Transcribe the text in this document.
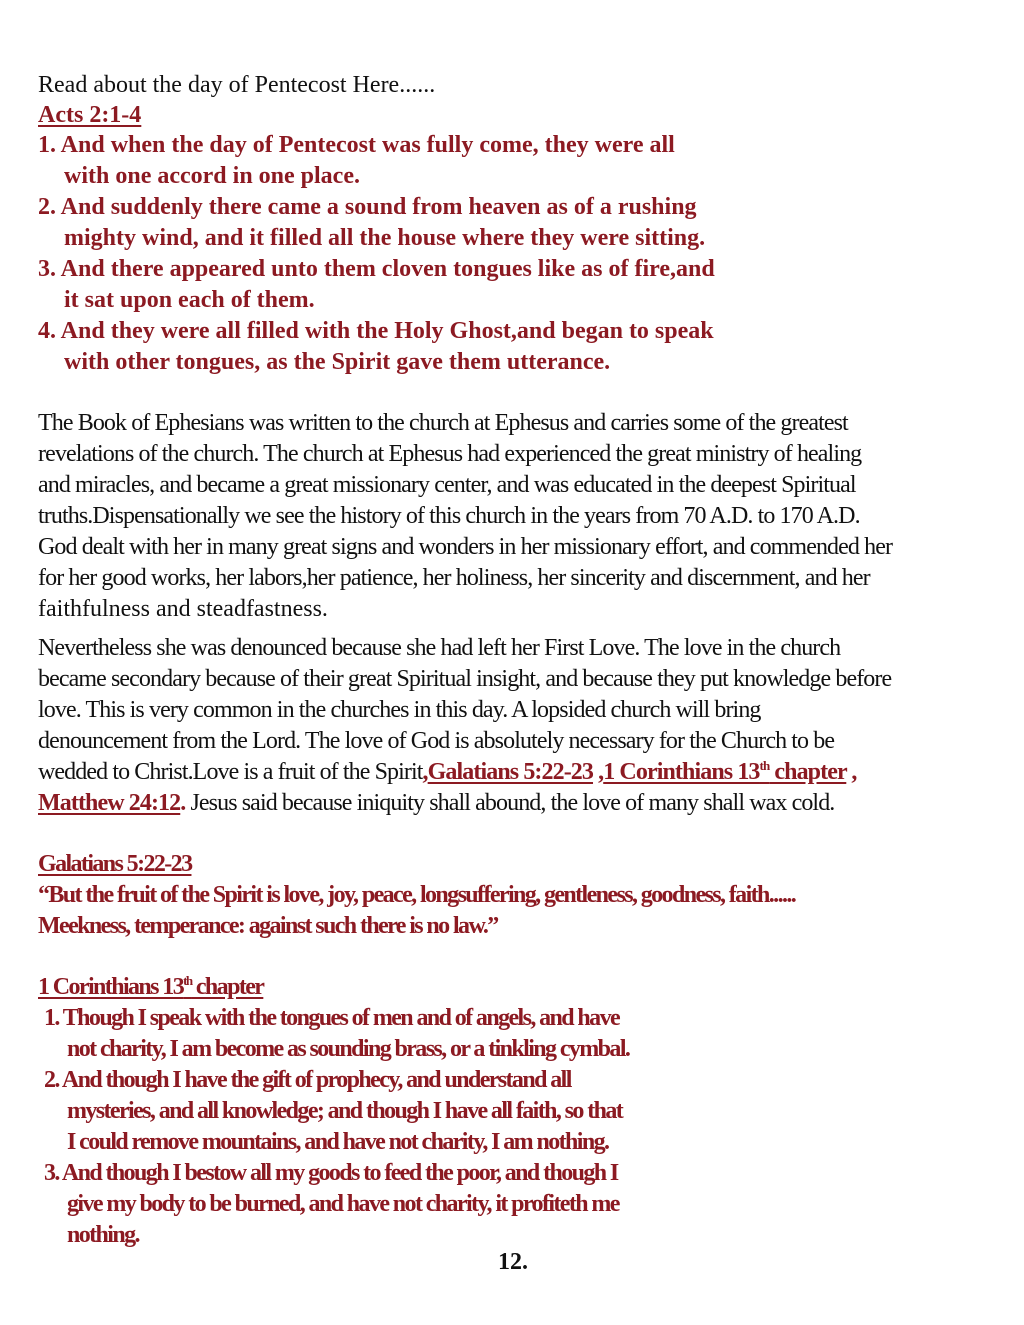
Read about the day of Pentecost Here......
Acts 2:1-4
1. And when the day of Pentecost was fully come, they were all
with one accord in one place.
2. And suddenly there came a sound from heaven as of a rushing
mighty wind, and it filled all the house where they were sitting.
3. And there appeared unto them cloven tongues like as of fire,and
it sat upon each of them.
4. And they were all filled with the Holy Ghost,and began to speak
with other tongues, as the Spirit gave them utterance.
The Book of Ephesians was written to the church at Ephesus and carries some of the greatest
revelations of the church. The church at Ephesus had experienced the great ministry of healing
and miracles, and became a great missionary center, and was educated in the deepest Spiritual
truths.Dispensationally we see the history of this church in the years from 70 A.D. to 170 A.D.
God dealt with her in many great signs and wonders in her missionary effort, and commended her
for her good works, her labors,her patience, her holiness, her sincerity and discernment, and her
faithfulness and steadfastness.
Nevertheless she was denounced because she had left her First Love. The love in the church
became secondary because of their great Spiritual insight, and because they put knowledge before
love. This is very common in the churches in this day. A lopsided church will bring
denouncement from the Lord. The love of God is absolutely necessary for the Church to be
wedded to Christ.Love is a fruit of the Spirit,Galatians 5:22-23 ,1 Corinthians 13th chapter ,
Matthew 24:12. Jesus said because iniquity shall abound, the love of many shall wax cold.
Galatians 5:22-23
“But the fruit of the Spirit is love, joy, peace, longsuffering, gentleness, goodness, faith......
Meekness, temperance: against such there is no law.”
1 Corinthians 13th chapter
1. Though I speak with the tongues of men and of angels, and have
not charity, I am become as sounding brass, or a tinkling cymbal.
2. And though I have the gift of prophecy, and understand all
mysteries, and all knowledge; and though I have all faith, so that
I could remove mountains, and have not charity, I am nothing.
3. And though I bestow all my goods to feed the poor, and though I
give my body to be burned, and have not charity, it profiteth me
nothing.
12.
